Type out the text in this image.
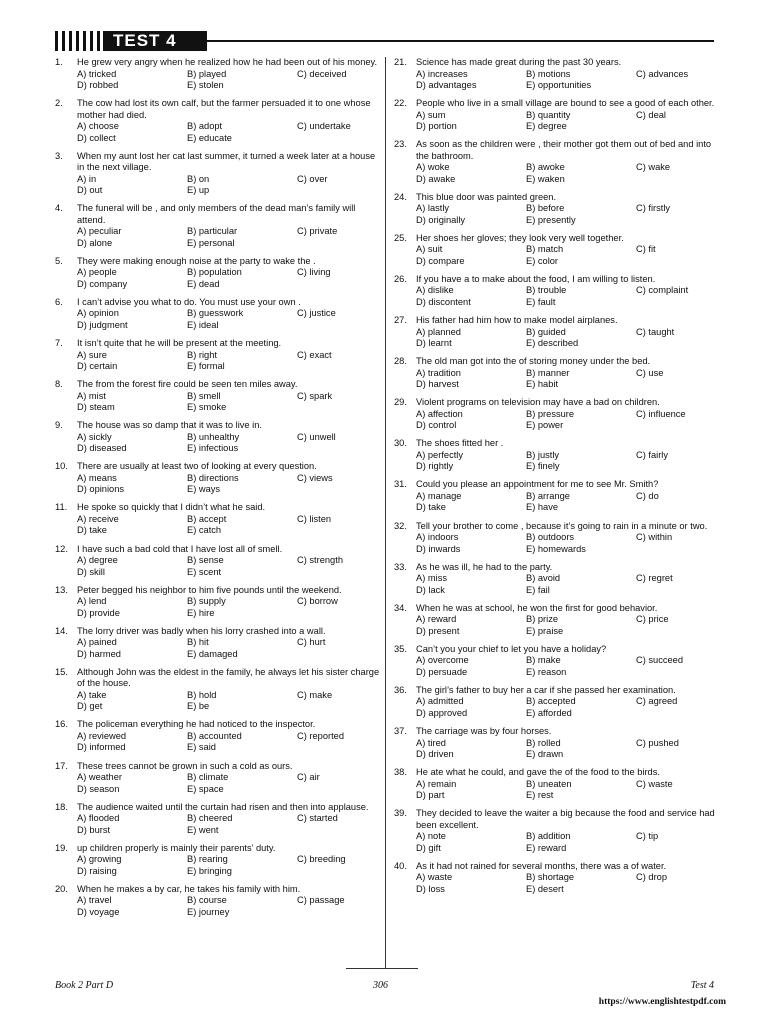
TEST 4
1.	He grew very angry when he realized how he had been out of his money.
A) tricked	B) played	C) deceived
D) robbed	E) stolen
2.	The cow had lost its own calf, but the farmer persuaded it to one whose mother had died.
A) choose	B) adopt	C) undertake
D) collect	E) educate
3.	When my aunt lost her cat last summer, it turned a week later at a house in the next village.
A) in	B) on	C) over
D) out	E) up
4.	The funeral will be , and only members of the dead man’s family will attend.
A) peculiar	B) particular	C) private
D) alone	E) personal
5.	They were making enough noise at the party to wake the .
A) people	B) population	C) living
D) company	E) dead
6.	I can’t advise you what to do. You must use your own .
A) opinion	B) guesswork	C) justice
D) judgment	E) ideal
7.	It isn’t quite that he will be present at the meeting.
A) sure	B) right	C) exact
D) certain	E) formal
8.	The from the forest fire could be seen ten miles away.
A) mist	B) smell	C) spark
D) steam	E) smoke
9.	The house was so damp that it was to live in.
A) sickly	B) unhealthy	C) unwell
D) diseased	E) infectious
10. There are usually at least two of looking at every question.
A) means	B) directions	C) views
D) opinions	E) ways
11.	He spoke so quickly that I didn’t what he said.
A) receive	B) accept	C) listen
D) take	E) catch
12. I have such a bad cold that I have lost all of smell.
A) degree	B) sense	C) strength
D) skill	E) scent
13. Peter begged his neighbor to him five pounds until the weekend.
A) lend	B) supply	C) borrow
D) provide	E) hire
14. The lorry driver was badly when his lorry crashed into a wall.
A) pained	B) hit	C) hurt
D) harmed	E) damaged
15. Although John was the eldest in the family, he always let his sister charge of the house.
A) take	B) hold	C) make
D) get	E) be
16. The policeman everything he had noticed to the inspector.
A) reviewed	B) accounted	C) reported
D) informed	E) said
17. These trees cannot be grown in such a cold as ours.
A) weather	B) climate	C) air
D) season	E) space
18. The audience waited until the curtain had risen and then into applause.
A) flooded	B) cheered	C) started
D) burst	E) went
19. up children properly is mainly their parents’ duty.
A) growing	B) rearing	C) breeding
D) raising	E) bringing
20. When he makes a by car, he takes his family with him.
A) travel	B) course	C) passage
D) voyage	E) journey
21. Science has made great during the past 30 years.
A) increases	B) motions	C) advances
D) advantages	E) opportunities
22. People who live in a small village are bound to see a good of each other.
A) sum	B) quantity	C) deal
D) portion	E) degree
23. As soon as the children were , their mother got them out of bed and into the bathroom.
A) woke	B) awoke	C) wake
D) awake	E) waken
24. This blue door was painted green.
A) lastly	B) before	C) firstly
D) originally	E) presently
25. Her shoes her gloves; they look very well together.
A) suit	B) match	C) fit
D) compare	E) color
26. If you have a to make about the food, I am willing to listen.
A) dislike	B) trouble	C) complaint
D) discontent	E) fault
27. His father had him how to make model airplanes.
A) planned	B) guided	C) taught
D) learnt	E) described
28. The old man got into the of storing money under the bed.
A) tradition	B) manner	C) use
D) harvest	E) habit
29. Violent programs on television may have a bad on children.
A) affection	B) pressure	C) influence
D) control	E) power
30. The shoes fitted her .
A) perfectly	B) justly	C) fairly
D) rightly	E) finely
31. Could you please an appointment for me to see Mr. Smith?
A) manage	B) arrange	C) do
D) take	E) have
32. Tell your brother to come , because it’s going to rain in a minute or two.
A) indoors	B) outdoors	C) within
D) inwards	E) homewards
33. As he was ill, he had to the party.
A) miss	B) avoid	C) regret
D) lack	E) fail
34. When he was at school, he won the first for good behavior.
A) reward	B) prize	C) price
D) present	E) praise
35. Can’t you your chief to let you have a holiday?
A) overcome	B) make	C) succeed
D) persuade	E) reason
36. The girl’s father to buy her a car if she passed her examination.
A) admitted	B) accepted	C) agreed
D) approved	E) afforded
37. The carriage was by four horses.
A) tired	B) rolled	C) pushed
D) driven	E) drawn
38. He ate what he could, and gave the of the food to the birds.
A) remain	B) uneaten	C) waste
D) part	E) rest
39. They decided to leave the waiter a big because the food and service had been excellent.
A) note	B) addition	C) tip
D) gift	E) reward
40. As it had not rained for several months, there was a of water.
A) waste	B) shortage	C) drop
D) loss	E) desert
Book 2 Part D	306	Test 4
https://www.englishtestpdf.com
